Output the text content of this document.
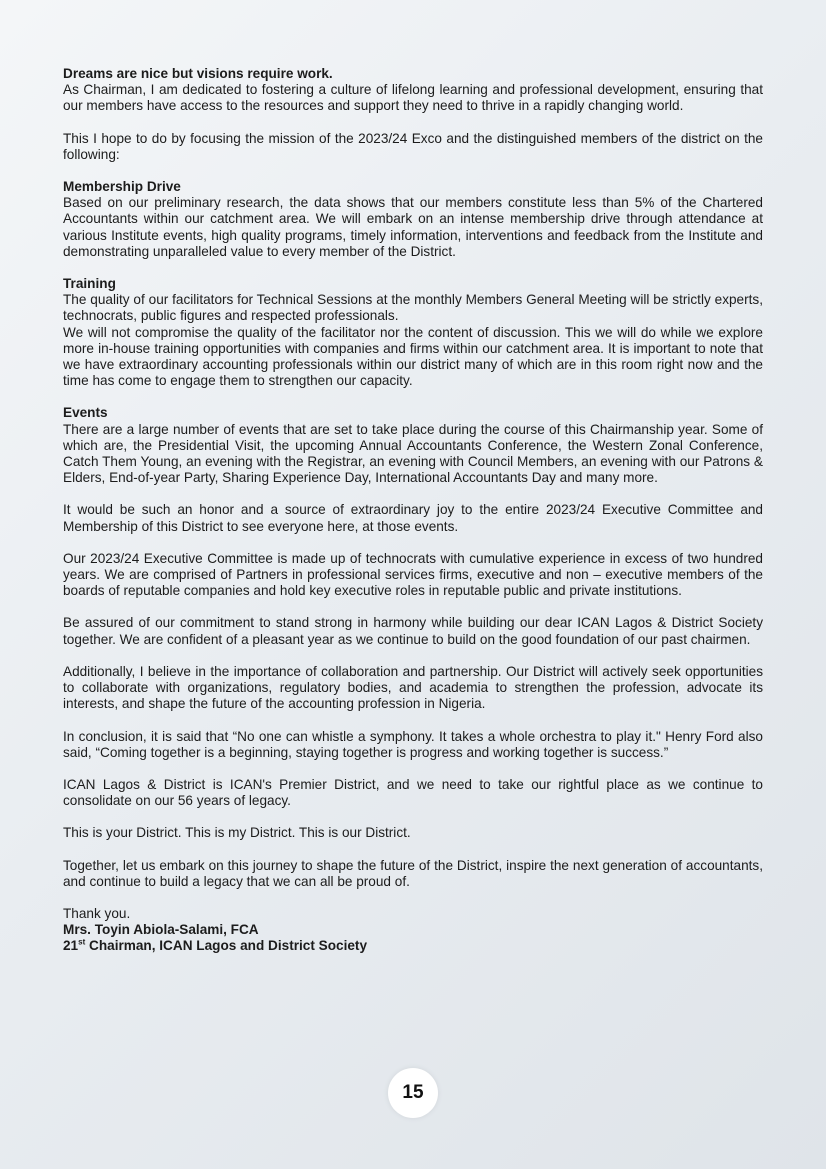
Dreams are nice but visions require work.
As Chairman, I am dedicated to fostering a culture of lifelong learning and professional development, ensuring that our members have access to the resources and support they need to thrive in a rapidly changing world.

This I hope to do by focusing the mission of the 2023/24 Exco and the distinguished members of the district on the following:

Membership Drive
Based on our preliminary research, the data shows that our members constitute less than 5% of the Chartered Accountants within our catchment area. We will embark on an intense membership drive through attendance at various Institute events, high quality programs, timely information, interventions and feedback from the Institute and demonstrating unparalleled value to every member of the District.

Training
The quality of our facilitators for Technical Sessions at the monthly Members General Meeting will be strictly experts, technocrats, public figures and respected professionals.
We will not compromise the quality of the facilitator nor the content of discussion. This we will do while we explore more in-house training opportunities with companies and firms within our catchment area. It is important to note that we have extraordinary accounting professionals within our district many of which are in this room right now and the time has come to engage them to strengthen our capacity.

Events
There are a large number of events that are set to take place during the course of this Chairmanship year. Some of which are, the Presidential Visit, the upcoming Annual Accountants Conference, the Western Zonal Conference, Catch Them Young, an evening with the Registrar, an evening with Council Members, an evening with our Patrons & Elders, End-of-year Party, Sharing Experience Day, International Accountants Day and many more.

It would be such an honor and a source of extraordinary joy to the entire 2023/24 Executive Committee and Membership of this District to see everyone here, at those events.

Our 2023/24 Executive Committee is made up of technocrats with cumulative experience in excess of two hundred years. We are comprised of Partners in professional services firms, executive and non – executive members of the boards of reputable companies and hold key executive roles in reputable public and private institutions.

Be assured of our commitment to stand strong in harmony while building our dear ICAN Lagos & District Society together. We are confident of a pleasant year as we continue to build on the good foundation of our past chairmen.

Additionally, I believe in the importance of collaboration and partnership. Our District will actively seek opportunities to collaborate with organizations, regulatory bodies, and academia to strengthen the profession, advocate its interests, and shape the future of the accounting profession in Nigeria.

In conclusion, it is said that “No one can whistle a symphony. It takes a whole orchestra to play it." Henry Ford also said, “Coming together is a beginning, staying together is progress and working together is success.”

ICAN Lagos & District is ICAN's Premier District, and we need to take our rightful place as we continue to consolidate on our 56 years of legacy.

This is your District. This is my District. This is our District.

Together, let us embark on this journey to shape the future of the District, inspire the next generation of accountants, and continue to build a legacy that we can all be proud of.

Thank you.
Mrs. Toyin Abiola-Salami, FCA
21st Chairman, ICAN Lagos and District Society

15
